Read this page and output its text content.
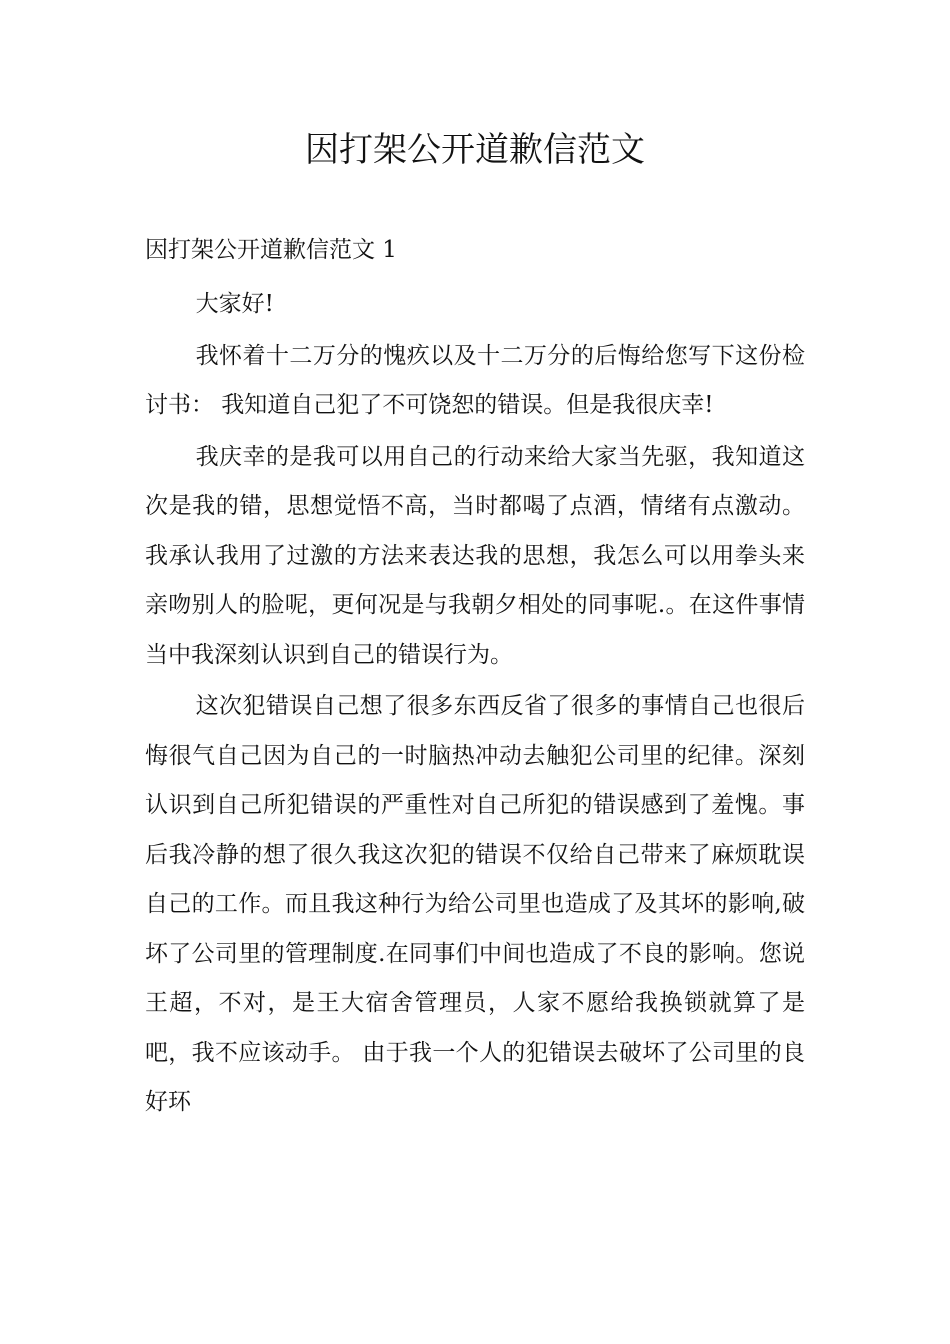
因打架公开道歉信范文
因打架公开道歉信范文 1

大家好!

我怀着十二万分的愧疚以及十二万分的后悔给您写下这份检讨书： 我知道自己犯了不可饶恕的错误。但是我很庆幸!

我庆幸的是我可以用自己的行动来给大家当先驱，我知道这次是我的错，思想觉悟不高，当时都喝了点酒，情绪有点激动。我承认我用了过激的方法来表达我的思想，我怎么可以用拳头来亲吻别人的脸呢，更何况是与我朝夕相处的同事呢.。在这件事情当中我深刻认识到自己的错误行为。

这次犯错误自己想了很多东西反省了很多的事情自己也很后悔很气自己因为自己的一时脑热冲动去触犯公司里的纪律。深刻认识到自己所犯错误的严重性对自己所犯的错误感到了羞愧。事后我冷静的想了很久我这次犯的错误不仅给自己带来了麻烦耽误自己的工作。而且我这种行为给公司里也造成了及其坏的影响,破坏了公司里的管理制度.在同事们中间也造成了不良的影响。您说王超，不对，是王大宿舍管理员，人家不愿给我换锁就算了是吧，我不应该动手。 由于我一个人的犯错误去破坏了公司里的良好环
